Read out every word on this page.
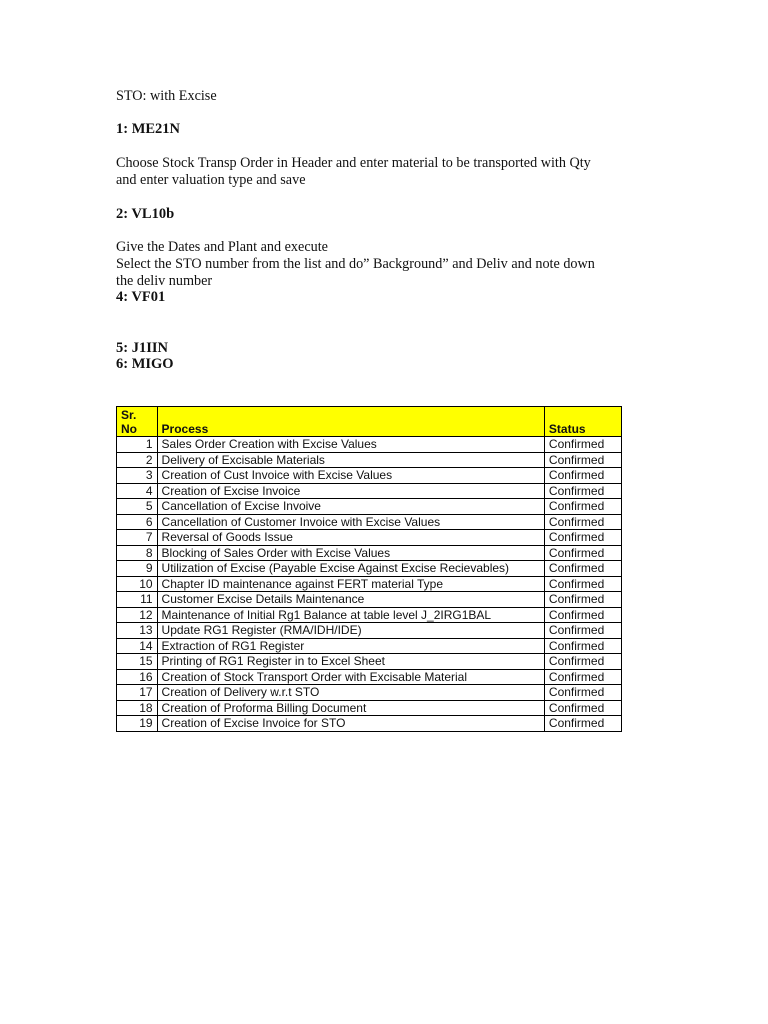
STO: with Excise
1: ME21N
Choose Stock Transp Order in Header and enter material to be transported with Qty
and enter valuation type and save
2: VL10b
Give the Dates and Plant and execute
Select the STO number from the list and do” Background” and Deliv and note down
the deliv number
4: VF01
5: J1IIN
6: MIGO
Sr.
No	Process	Status
1	Sales Order Creation with Excise Values	Confirmed
2	Delivery of Excisable Materials	Confirmed
3	Creation of Cust Invoice with Excise Values	Confirmed
4	Creation of Excise Invoice	Confirmed
5	Cancellation of Excise Invoive	Confirmed
6	Cancellation of Customer Invoice with Excise Values	Confirmed
7	Reversal of Goods Issue	Confirmed
8	Blocking of Sales Order with Excise Values	Confirmed
9	Utilization of Excise (Payable Excise Against Excise Recievables)	Confirmed
10	Chapter ID maintenance against FERT material Type	Confirmed
11	Customer Excise Details Maintenance	Confirmed
12	Maintenance of Initial Rg1 Balance at table level J_2IRG1BAL	Confirmed
13	Update RG1 Register (RMA/IDH/IDE)	Confirmed
14	Extraction of RG1 Register	Confirmed
15	Printing of RG1 Register in to Excel Sheet	Confirmed
16	Creation of Stock Transport Order with Excisable Material	Confirmed
17	Creation of Delivery w.r.t STO	Confirmed
18	Creation of Proforma Billing Document	Confirmed
19	Creation of Excise Invoice for STO	Confirmed
